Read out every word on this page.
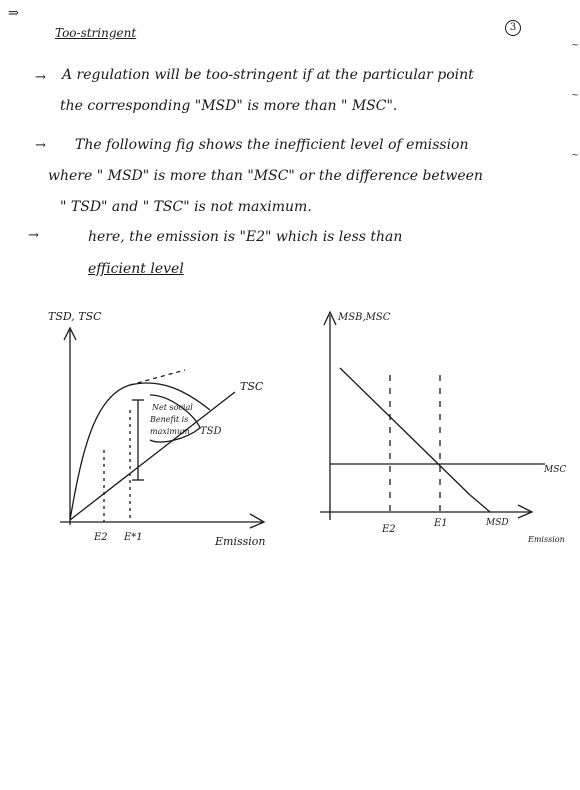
⇒
Too-stringent	3
~
~
~
→ A regulation will be too-stringent if at the particular point
the corresponding "MSD" is more than " MSC".
→ The following fig shows the inefficient level of emission
where " MSD" is more than "MSC" or the difference between
" TSD" and " TSC" is not maximum.
→	here, the emission is "E2" which is less than
efficient level
TSD, TSC
Emission
TSC
TSD
Net social
Benefit is
maximum
E2 E*1
MSB,MSC
Emission
MSC
MSD
E2
E1
